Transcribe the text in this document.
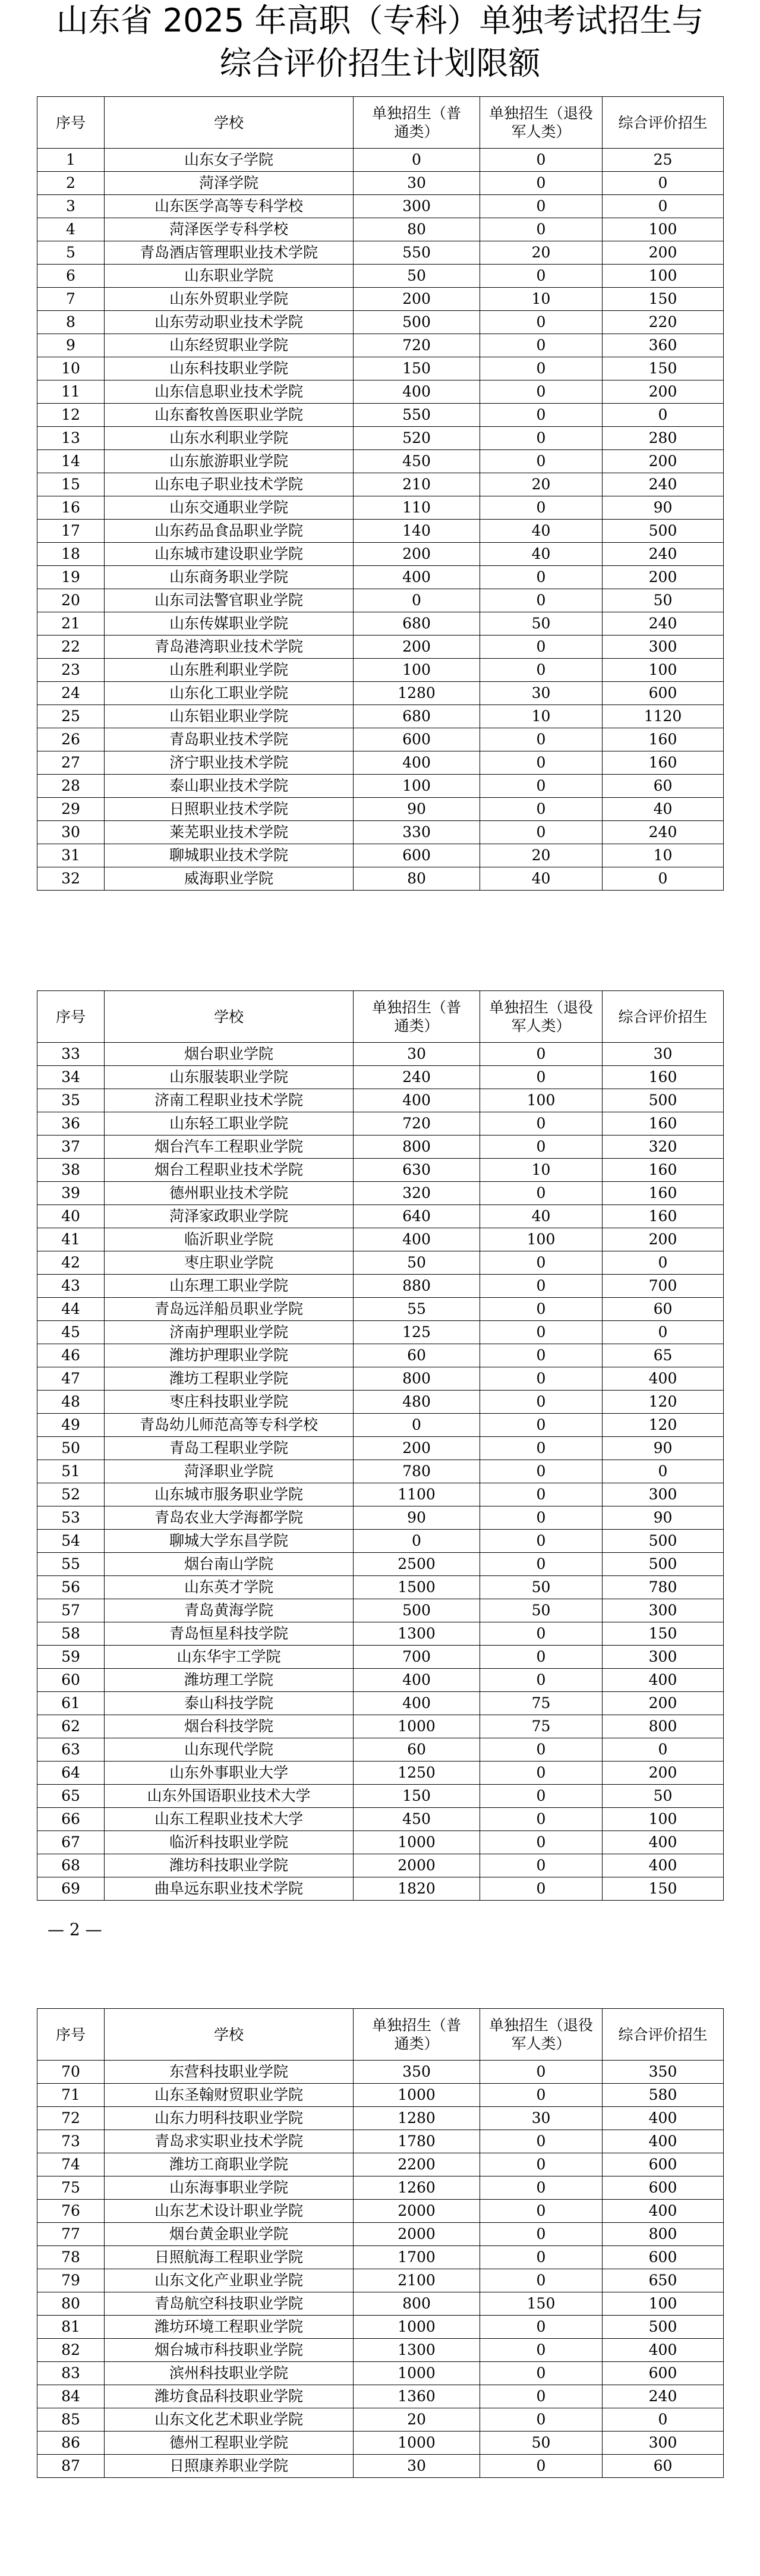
山东省 2025 年高职（专科）单独考试招生与
综合评价招生计划限额
序号	学校	单独招生（普通类）	单独招生（退役军人类）	综合评价招生
1	山东女子学院	0	0	25
2	菏泽学院	30	0	0
3	山东医学高等专科学校	300	0	0
4	菏泽医学专科学校	80	0	100
5	青岛酒店管理职业技术学院	550	20	200
6	山东职业学院	50	0	100
7	山东外贸职业学院	200	10	150
8	山东劳动职业技术学院	500	0	220
9	山东经贸职业学院	720	0	360
10	山东科技职业学院	150	0	150
11	山东信息职业技术学院	400	0	200
12	山东畜牧兽医职业学院	550	0	0
13	山东水利职业学院	520	0	280
14	山东旅游职业学院	450	0	200
15	山东电子职业技术学院	210	20	240
16	山东交通职业学院	110	0	90
17	山东药品食品职业学院	140	40	500
18	山东城市建设职业学院	200	40	240
19	山东商务职业学院	400	0	200
20	山东司法警官职业学院	0	0	50
21	山东传媒职业学院	680	50	240
22	青岛港湾职业技术学院	200	0	300
23	山东胜利职业学院	100	0	100
24	山东化工职业学院	1280	30	600
25	山东铝业职业学院	680	10	1120
26	青岛职业技术学院	600	0	160
27	济宁职业技术学院	400	0	160
28	泰山职业技术学院	100	0	60
29	日照职业技术学院	90	0	40
30	莱芜职业技术学院	330	0	240
31	聊城职业技术学院	600	20	10
32	威海职业学院	80	40	0
序号	学校	单独招生（普通类）	单独招生（退役军人类）	综合评价招生
33	烟台职业学院	30	0	30
34	山东服装职业学院	240	0	160
35	济南工程职业技术学院	400	100	500
36	山东轻工职业学院	720	0	160
37	烟台汽车工程职业学院	800	0	320
38	烟台工程职业技术学院	630	10	160
39	德州职业技术学院	320	0	160
40	菏泽家政职业学院	640	40	160
41	临沂职业学院	400	100	200
42	枣庄职业学院	50	0	0
43	山东理工职业学院	880	0	700
44	青岛远洋船员职业学院	55	0	60
45	济南护理职业学院	125	0	0
46	潍坊护理职业学院	60	0	65
47	潍坊工程职业学院	800	0	400
48	枣庄科技职业学院	480	0	120
49	青岛幼儿师范高等专科学校	0	0	120
50	青岛工程职业学院	200	0	90
51	菏泽职业学院	780	0	0
52	山东城市服务职业学院	1100	0	300
53	青岛农业大学海都学院	90	0	90
54	聊城大学东昌学院	0	0	500
55	烟台南山学院	2500	0	500
56	山东英才学院	1500	50	780
57	青岛黄海学院	500	50	300
58	青岛恒星科技学院	1300	0	150
59	山东华宇工学院	700	0	300
60	潍坊理工学院	400	0	400
61	泰山科技学院	400	75	200
62	烟台科技学院	1000	75	800
63	山东现代学院	60	0	0
64	山东外事职业大学	1250	0	200
65	山东外国语职业技术大学	150	0	50
66	山东工程职业技术大学	450	0	100
67	临沂科技职业学院	1000	0	400
68	潍坊科技职业学院	2000	0	400
69	曲阜远东职业技术学院	1820	0	150
— 2 —
序号	学校	单独招生（普通类）	单独招生（退役军人类）	综合评价招生
70	东营科技职业学院	350	0	350
71	山东圣翰财贸职业学院	1000	0	580
72	山东力明科技职业学院	1280	30	400
73	青岛求实职业技术学院	1780	0	400
74	潍坊工商职业学院	2200	0	600
75	山东海事职业学院	1260	0	600
76	山东艺术设计职业学院	2000	0	400
77	烟台黄金职业学院	2000	0	800
78	日照航海工程职业学院	1700	0	600
79	山东文化产业职业学院	2100	0	650
80	青岛航空科技职业学院	800	150	100
81	潍坊环境工程职业学院	1000	0	500
82	烟台城市科技职业学院	1300	0	400
83	滨州科技职业学院	1000	0	600
84	潍坊食品科技职业学院	1360	0	240
85	山东文化艺术职业学院	20	0	0
86	德州工程职业学院	1000	50	300
87	日照康养职业学院	30	0	60
